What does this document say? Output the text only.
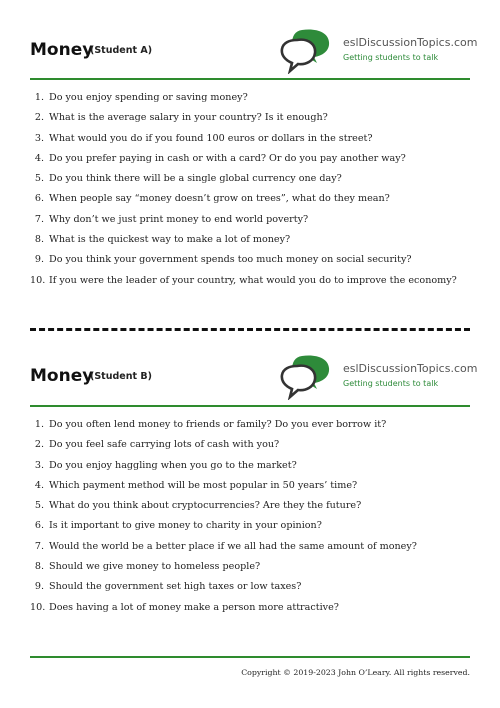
Money
(Student A)
eslDiscussionTopics.com
Getting students to talk
1. Do you enjoy spending or saving money?
2. What is the average salary in your country? Is it enough?
3. What would you do if you found 100 euros or dollars in the street?
4. Do you prefer paying in cash or with a card? Or do you pay another way?
5. Do you think there will be a single global currency one day?
6. When people say “money doesn’t grow on trees”, what do they mean?
7. Why don’t we just print money to end world poverty?
8. What is the quickest way to make a lot of money?
9. Do you think your government spends too much money on social security?
10. If you were the leader of your country, what would you do to improve the economy?
Money
(Student B)
eslDiscussionTopics.com
Getting students to talk
1. Do you often lend money to friends or family? Do you ever borrow it?
2. Do you feel safe carrying lots of cash with you?
3. Do you enjoy haggling when you go to the market?
4. Which payment method will be most popular in 50 years’ time?
5. What do you think about cryptocurrencies? Are they the future?
6. Is it important to give money to charity in your opinion?
7. Would the world be a better place if we all had the same amount of money?
8. Should we give money to homeless people?
9. Should the government set high taxes or low taxes?
10. Does having a lot of money make a person more attractive?
Copyright © 2019-2023 John O’Leary. All rights reserved.
